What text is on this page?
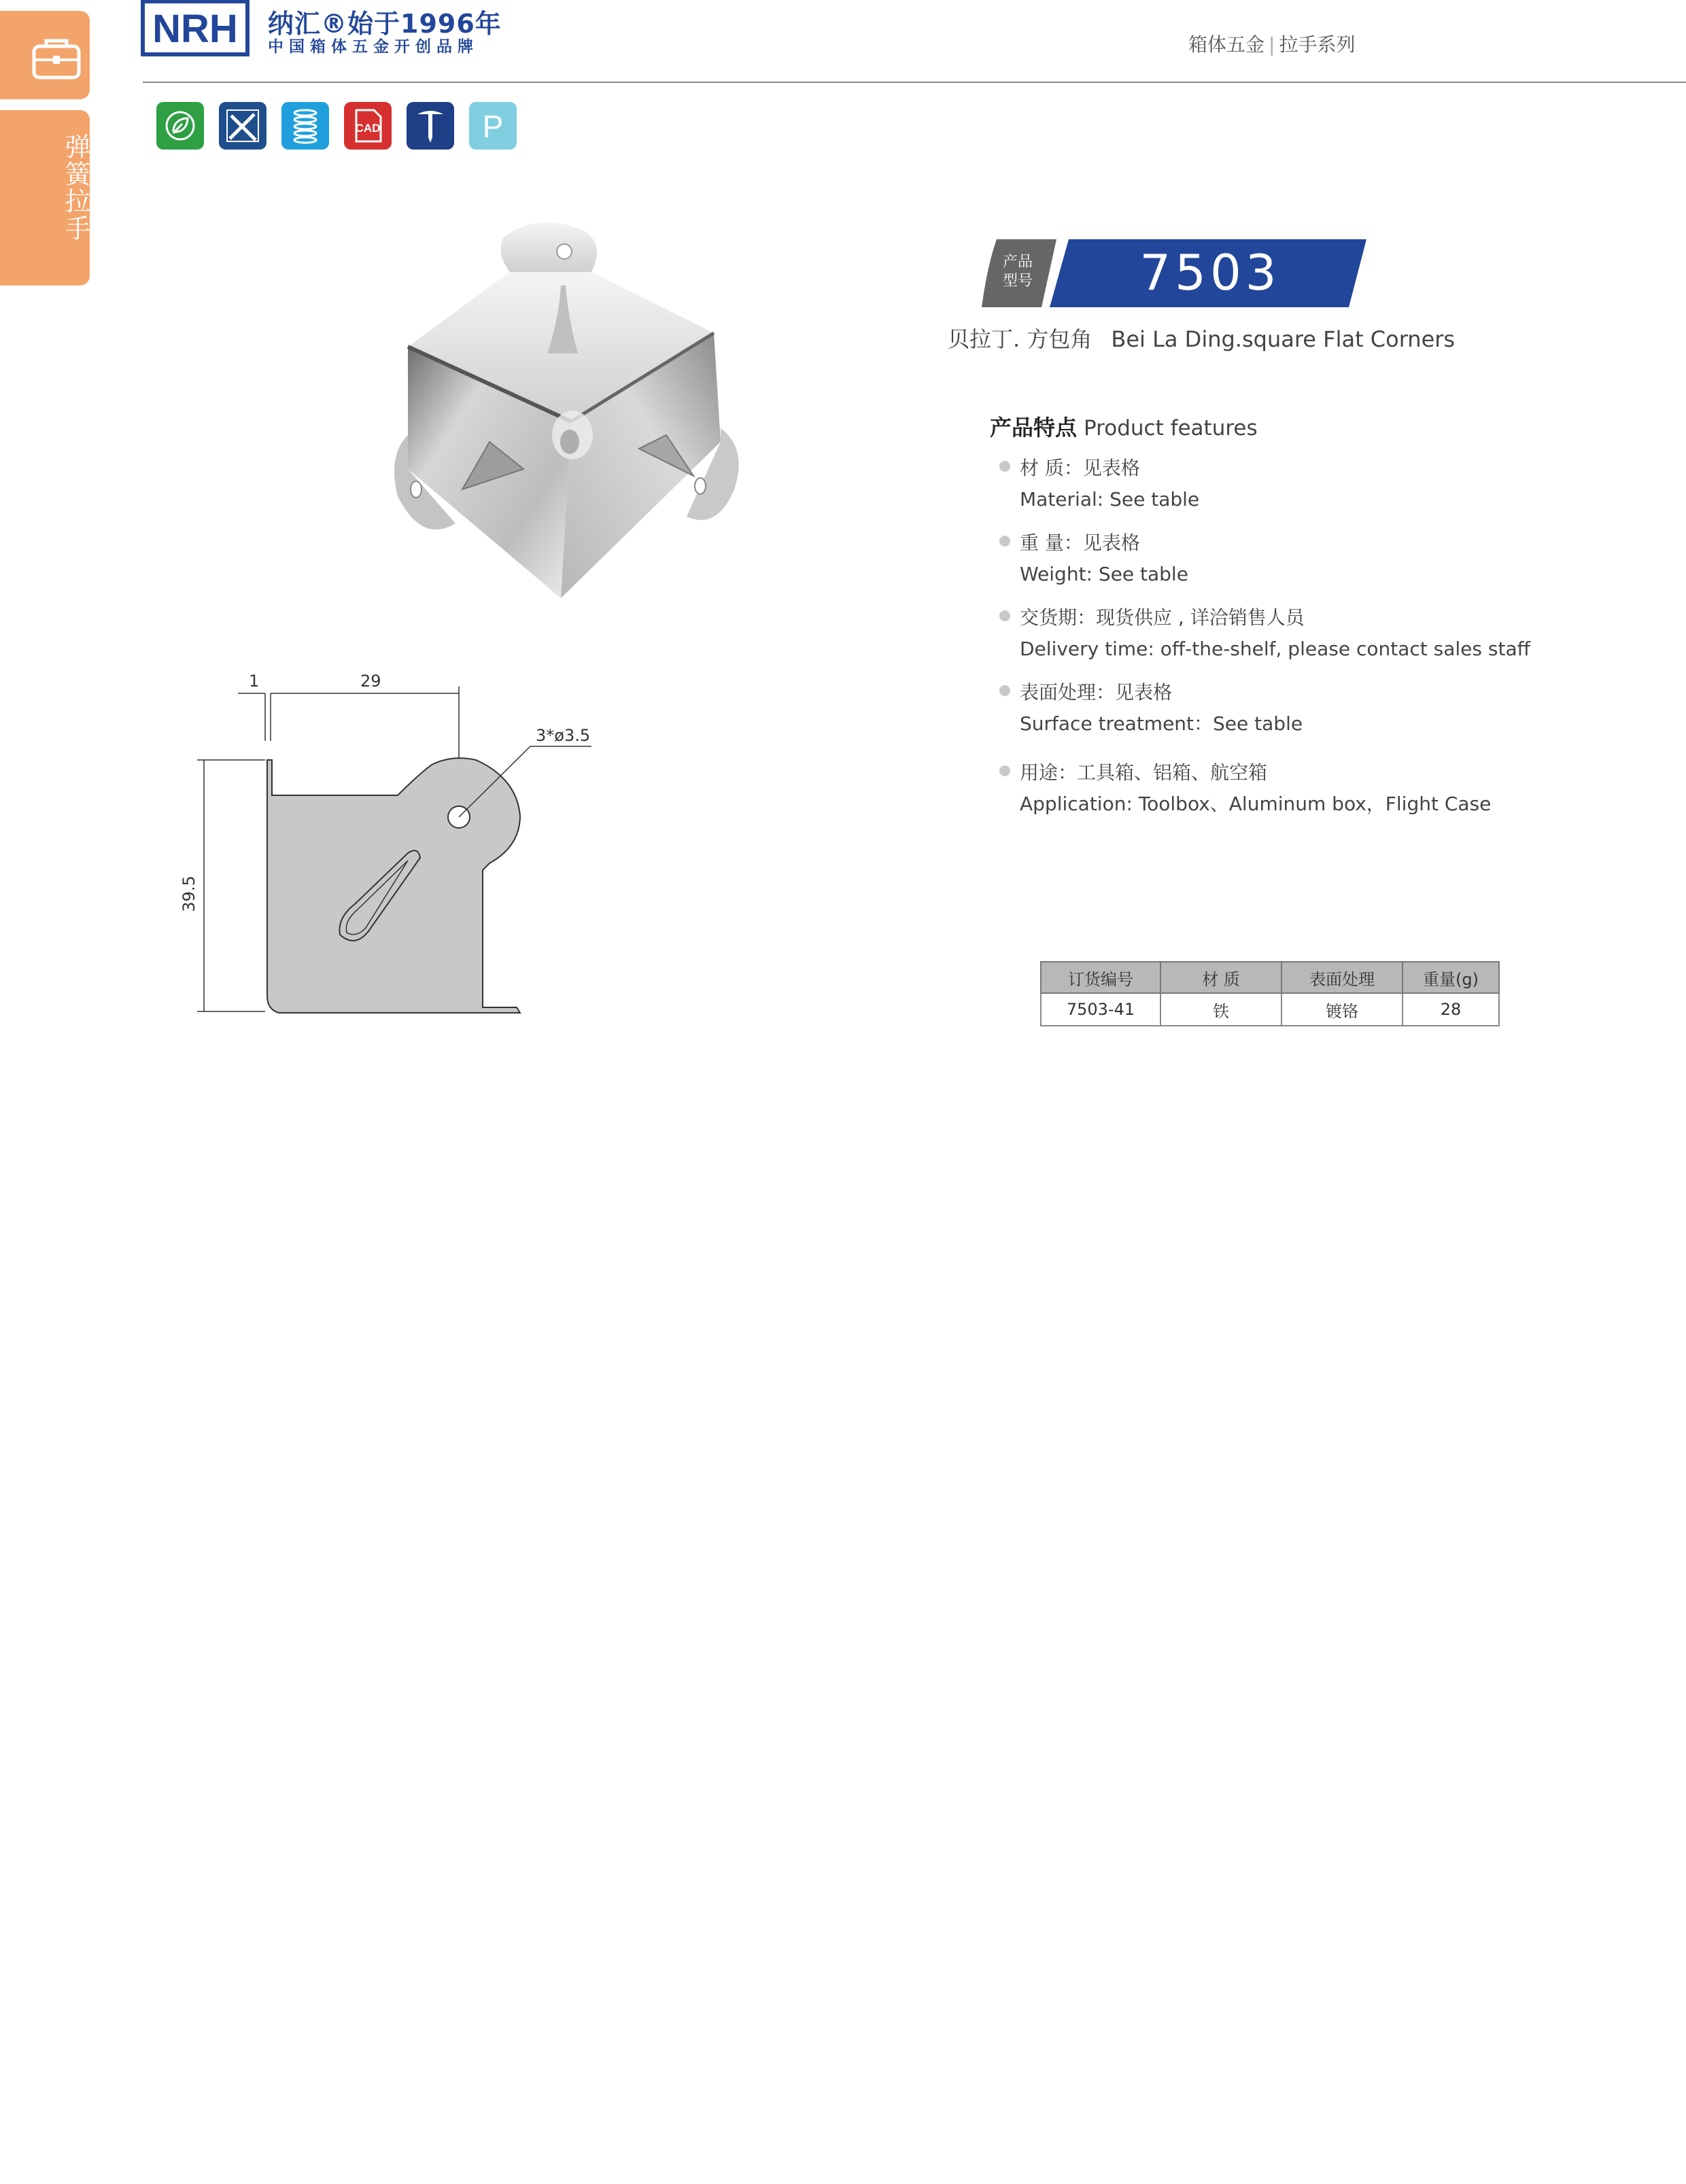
弹簧拉手
NRH 纳汇®始于1996年
中国箱体五金开创品牌	箱体五金 | 拉手系列
CAD	P
1	29
39.5
3*ø3.5
产品
型号	7503
贝拉丁. 方包角 Bei La Ding.square Flat Corners
产品特点 Product features
材 质：见表格
Material: See table
重 量：见表格
Weight: See table
交货期：现货供应 , 详洽销售人员
Delivery time: off-the-shelf, please contact sales staff
表面处理：见表格
Surface treatment：See table
用途：工具箱、铝箱、航空箱
Application: Toolbox、Aluminum box，Flight Case
订货编号	材 质	表面处理	重量(g)
7503-41	铁	镀铬	28
